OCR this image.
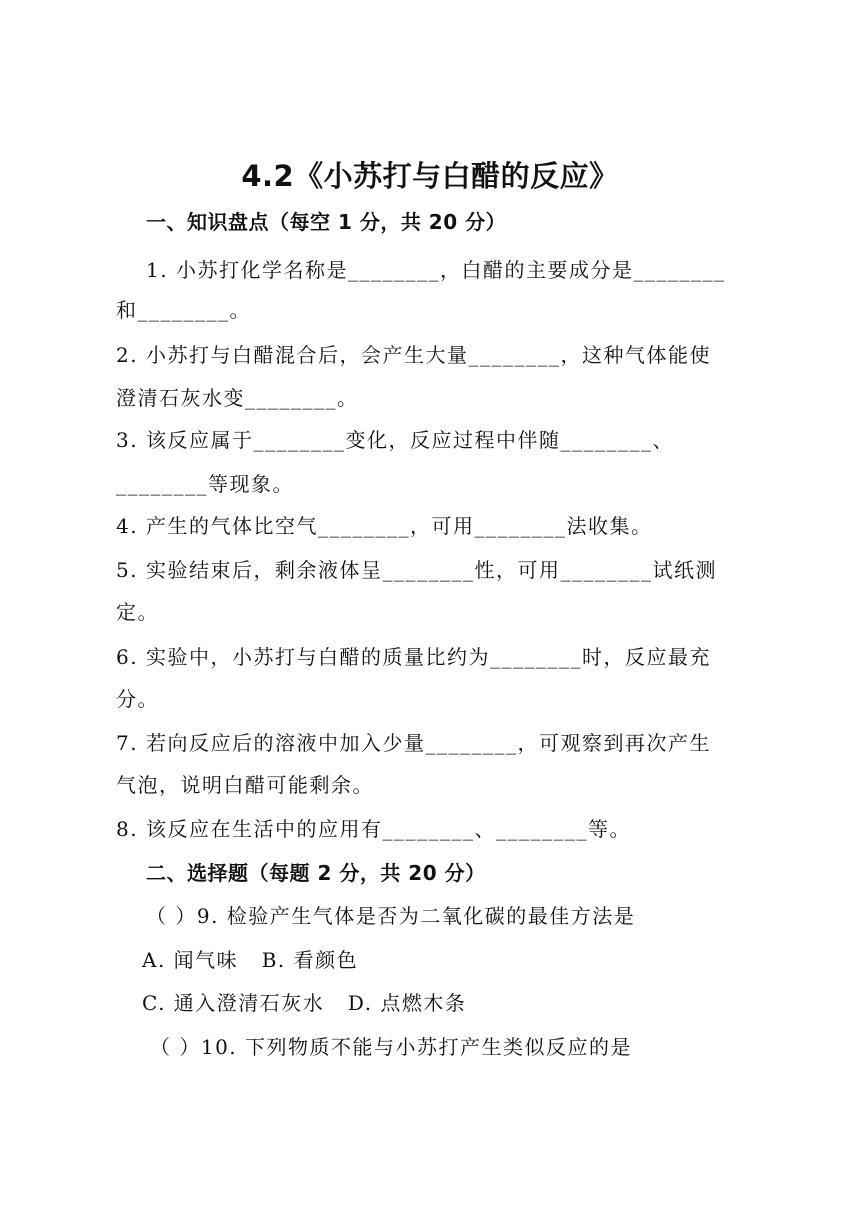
4.2《小苏打与白醋的反应》
一、知识盘点（每空 1 分，共 20 分）
1. 小苏打化学名称是________，白醋的主要成分是________
和________。
2. 小苏打与白醋混合后，会产生大量________，这种气体能使
澄清石灰水变________。
3. 该反应属于________变化，反应过程中伴随________、
________等现象。
4. 产生的气体比空气________，可用________法收集。
5. 实验结束后，剩余液体呈________性，可用________试纸测
定。
6. 实验中，小苏打与白醋的质量比约为________时，反应最充
分。
7. 若向反应后的溶液中加入少量________，可观察到再次产生
气泡，说明白醋可能剩余。
8. 该反应在生活中的应用有________、________等。
二、选择题（每题 2 分，共 20 分）
（ ）9. 检验产生气体是否为二氧化碳的最佳方法是
A. 闻气味   B. 看颜色
C. 通入澄清石灰水   D. 点燃木条
（ ）10. 下列物质不能与小苏打产生类似反应的是
